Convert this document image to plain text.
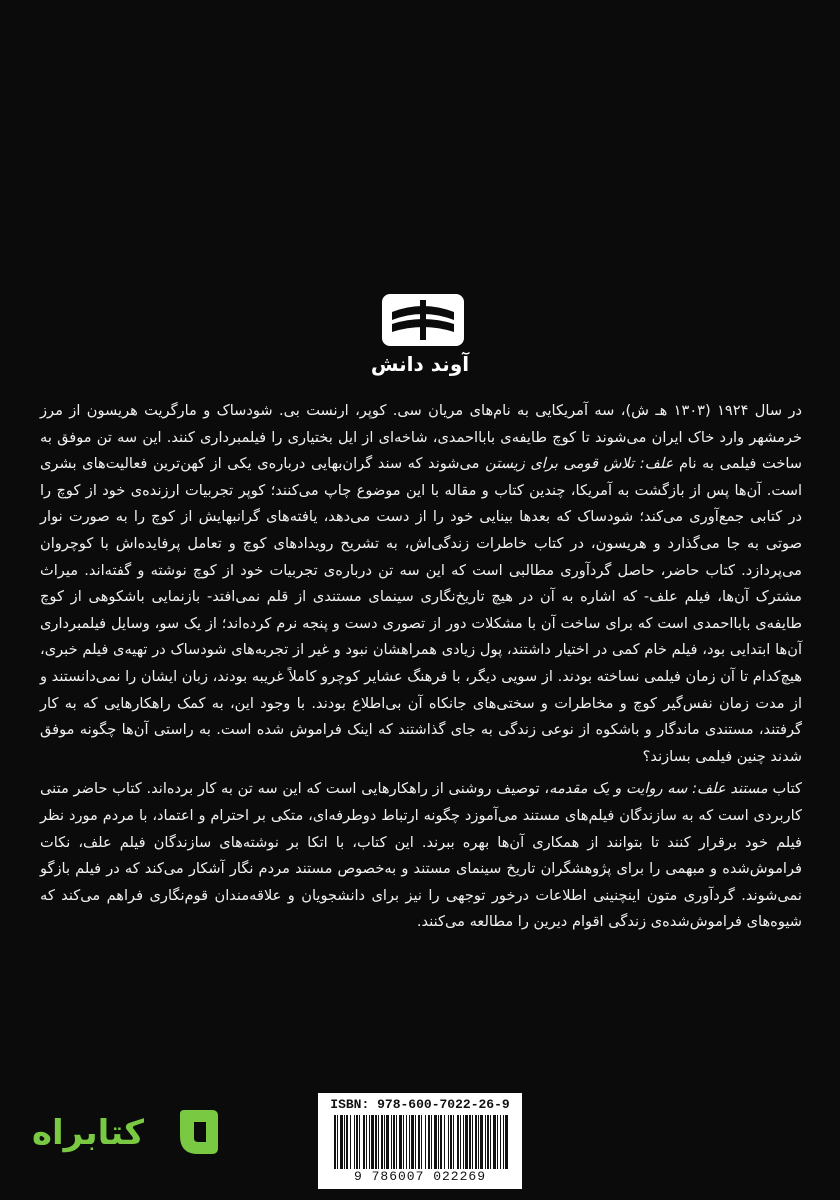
آوند دانش

در سال ۱۹۲۴ (۱۳۰۳ هـ ش)، سه آمریکایی به نام‌های مریان سی. کوپر، ارنست بی. شودساک و مارگریت هریسون از مرز خرمشهر وارد خاک ایران می‌شوند تا کوچ طایفه‌ی بابااحمدی، شاخه‌ای از ایل بختیاری را فیلمبرداری کنند. این سه تن موفق به ساخت فیلمی به نام علف: تلاش قومی برای زیستن می‌شوند که سند گران‌بهایی درباره‌ی یکی از کهن‌ترین فعالیت‌های بشری است. آن‌ها پس از بازگشت به آمریکا، چندین کتاب و مقاله با این موضوع چاپ می‌کنند؛ کوپر تجربیات ارزنده‌ی خود از کوچ را در کتابی جمع‌آوری می‌کند؛ شودساک که بعدها بینایی خود را از دست می‌دهد، یافته‌های گرانبهایش از کوچ را به صورت نوار صوتی به جا می‌گذارد و هریسون، در کتاب خاطرات زندگی‌اش، به تشریح رویدادهای کوچ و تعامل پرفایده‌اش با کوچروان می‌پردازد. کتاب حاضر، حاصل گردآوری مطالبی است که این سه تن درباره‌ی تجربیات خود از کوچ نوشته و گفته‌اند. میراث مشترک آن‌ها، فیلم علف- که اشاره به آن در هیچ تاریخ‌نگاری سینمای مستندی از قلم نمی‌افتد- بازنمایی باشکوهی از کوچ طایفه‌ی بابااحمدی است که برای ساخت آن با مشکلات دور از تصوری دست و پنجه نرم کرده‌اند؛ از یک سو، وسایل فیلمبرداری آن‌ها ابتدایی بود، فیلم خام کمی در اختیار داشتند، پول زیادی همراهشان نبود و غیر از تجربه‌های شودساک در تهیه‌ی فیلم خبری، هیچ‌کدام تا آن زمان فیلمی نساخته بودند. از سویی دیگر، با فرهنگ عشایر کوچرو کاملاً غریبه بودند، زبان ایشان را نمی‌دانستند و از مدت زمان نفس‌گیر کوچ و مخاطرات و سختی‌های جانکاه آن بی‌اطلاع بودند. با وجود این، به کمک راهکارهایی که به کار گرفتند، مستندی ماندگار و باشکوه از نوعی زندگی به جای گذاشتند که اینک فراموش شده است. به راستی آن‌ها چگونه موفق شدند چنین فیلمی بسازند؟

کتاب مستند علف: سه روایت و یک مقدمه، توصیف روشنی از راهکارهایی است که این سه تن به کار برده‌اند. کتاب حاضر متنی کاربردی است که به سازندگان فیلم‌های مستند می‌آموزد چگونه ارتباط دوطرفه‌ای، متکی بر احترام و اعتماد، با مردم مورد نظر فیلم خود برقرار کنند تا بتوانند از همکاری آن‌ها بهره ببرند. این کتاب، با اتکا بر نوشته‌های سازندگان فیلم علف، نکات فراموش‌شده و مبهمی را برای پژوهشگران تاریخ سینمای مستند و به‌خصوص مستند مردم نگار آشکار می‌کند که در فیلم بازگو نمی‌شوند. گردآوری متون اینچنینی اطلاعات درخور توجهی را نیز برای دانشجویان و علاقه‌مندان قوم‌نگاری فراهم می‌کند که شیوه‌های فراموش‌شده‌ی زندگی اقوام دیرین را مطالعه می‌کنند.

کتابراه
ISBN: 978-600-7022-26-9
9 786007 022269
